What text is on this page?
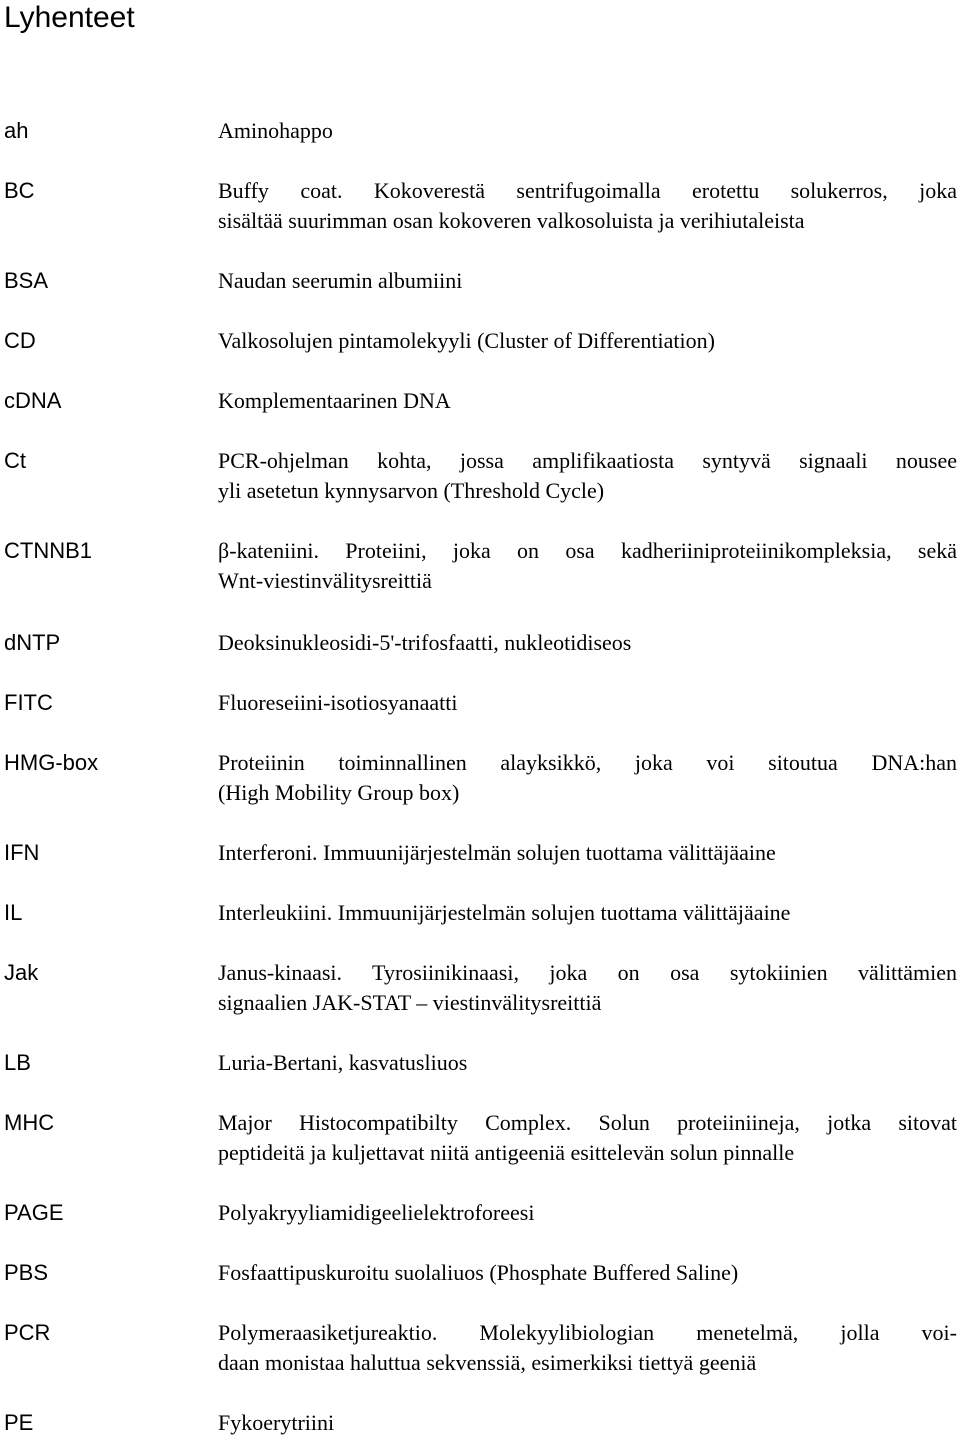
Lyhenteet
ah	Aminohappo
BC	Buffy coat. Kokoverestä sentrifugoimalla erotettu solukerros, joka
sisältää suurimman osan kokoveren valkosoluista ja verihiutaleista
BSA	Naudan seerumin albumiini
CD	Valkosolujen pintamolekyyli (Cluster of Differentiation)
cDNA	Komplementaarinen DNA
Ct	PCR-ohjelman kohta, jossa amplifikaatiosta syntyvä signaali nousee
yli asetetun kynnysarvon (Threshold Cycle)
CTNNB1	β-kateniini. Proteiini, joka on osa kadheriiniproteiinikompleksia, sekä
Wnt-viestinvälitysreittiä
dNTP	Deoksinukleosidi-5'-trifosfaatti, nukleotidiseos
FITC	Fluoreseiini-isotiosyanaatti
HMG-box	Proteiinin toiminnallinen alayksikkö, joka voi sitoutua DNA:han
(High Mobility Group box)
IFN	Interferoni. Immuunijärjestelmän solujen tuottama välittäjäaine
IL	Interleukiini. Immuunijärjestelmän solujen tuottama välittäjäaine
Jak	Janus-kinaasi. Tyrosiinikinaasi, joka on osa sytokiinien välittämien
signaalien JAK-STAT – viestinvälitysreittiä
LB	Luria-Bertani, kasvatusliuos
MHC	Major Histocompatibilty Complex. Solun proteiiniineja, jotka sitovat
peptideitä ja kuljettavat niitä antigeeniä esittelevän solun pinnalle
PAGE	Polyakryyliamidigeelielektroforeesi
PBS	Fosfaattipuskuroitu suolaliuos (Phosphate Buffered Saline)
PCR	Polymeraasiketjureaktio. Molekyylibiologian menetelmä, jolla voi-
daan monistaa haluttua sekvenssiä, esimerkiksi tiettyä geeniä
PE	Fykoerytriini
